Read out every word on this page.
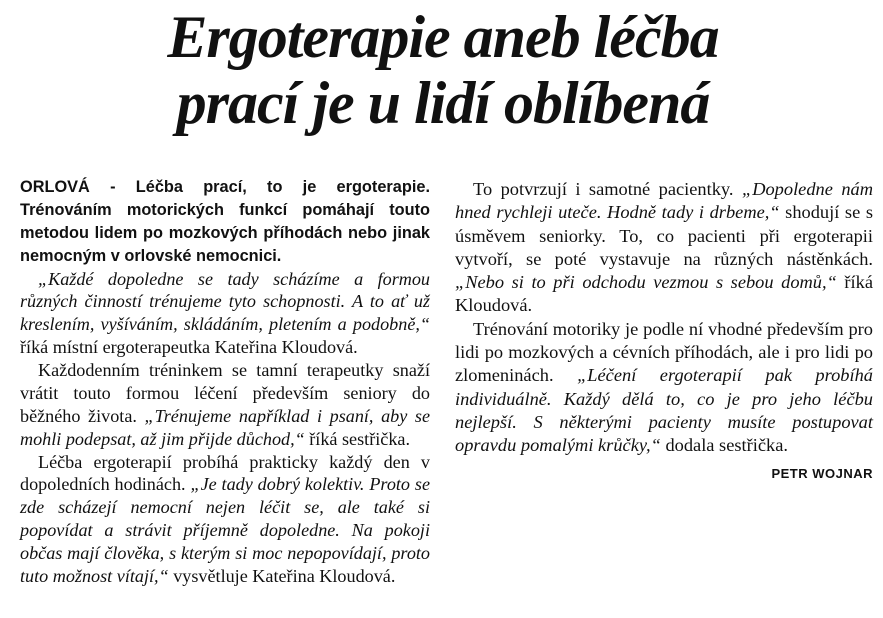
Ergoterapie aneb léčba
prací je u lidí oblíbená

ORLOVÁ - Léčba prací, to je ergoterapie. Trénováním motorických funkcí pomáhají touto metodou lidem po mozkových příhodách nebo jinak nemocným v orlovské nemocnici.

„Každé dopoledne se tady scházíme a formou různých činností trénujeme tyto schopnosti. A to ať už kreslením, vyšíváním, skládáním, pletením a podobně,“ říká místní ergoterapeutka Kateřina Kloudová.

Každodenním tréninkem se tamní terapeutky snaží vrátit touto formou léčení především seniory do běžného života. „Trénujeme například i psaní, aby se mohli podepsat, až jim přijde důchod,“ říká sestřička.

Léčba ergoterapií probíhá prakticky každý den v dopoledních hodinách. „Je tady dobrý kolektiv. Proto se zde scházejí nemocní nejen léčit se, ale také si popovídat a strávit příjemně dopoledne. Na pokoji občas mají člověka, s kterým si moc nepopovídají, proto tuto možnost vítají,“ vysvětluje Kateřina Kloudová.

To potvrzují i samotné pacientky. „Dopoledne nám hned rychleji uteče. Hodně tady i drbeme,“ shodují se s úsměvem seniorky. To, co pacienti při ergoterapii vytvoří, se poté vystavuje na různých nástěnkách. „Nebo si to při odchodu vezmou s sebou domů,“ říká Kloudová.

Trénování motoriky je podle ní vhodné především pro lidi po mozkových a cévních příhodách, ale i pro lidi po zlomeninách. „Léčení ergoterapií pak probíhá individuálně. Každý dělá to, co je pro jeho léčbu nejlepší. S některými pacienty musíte postupovat opravdu pomalými krůčky,“ dodala sestřička.
PETR WOJNAR
